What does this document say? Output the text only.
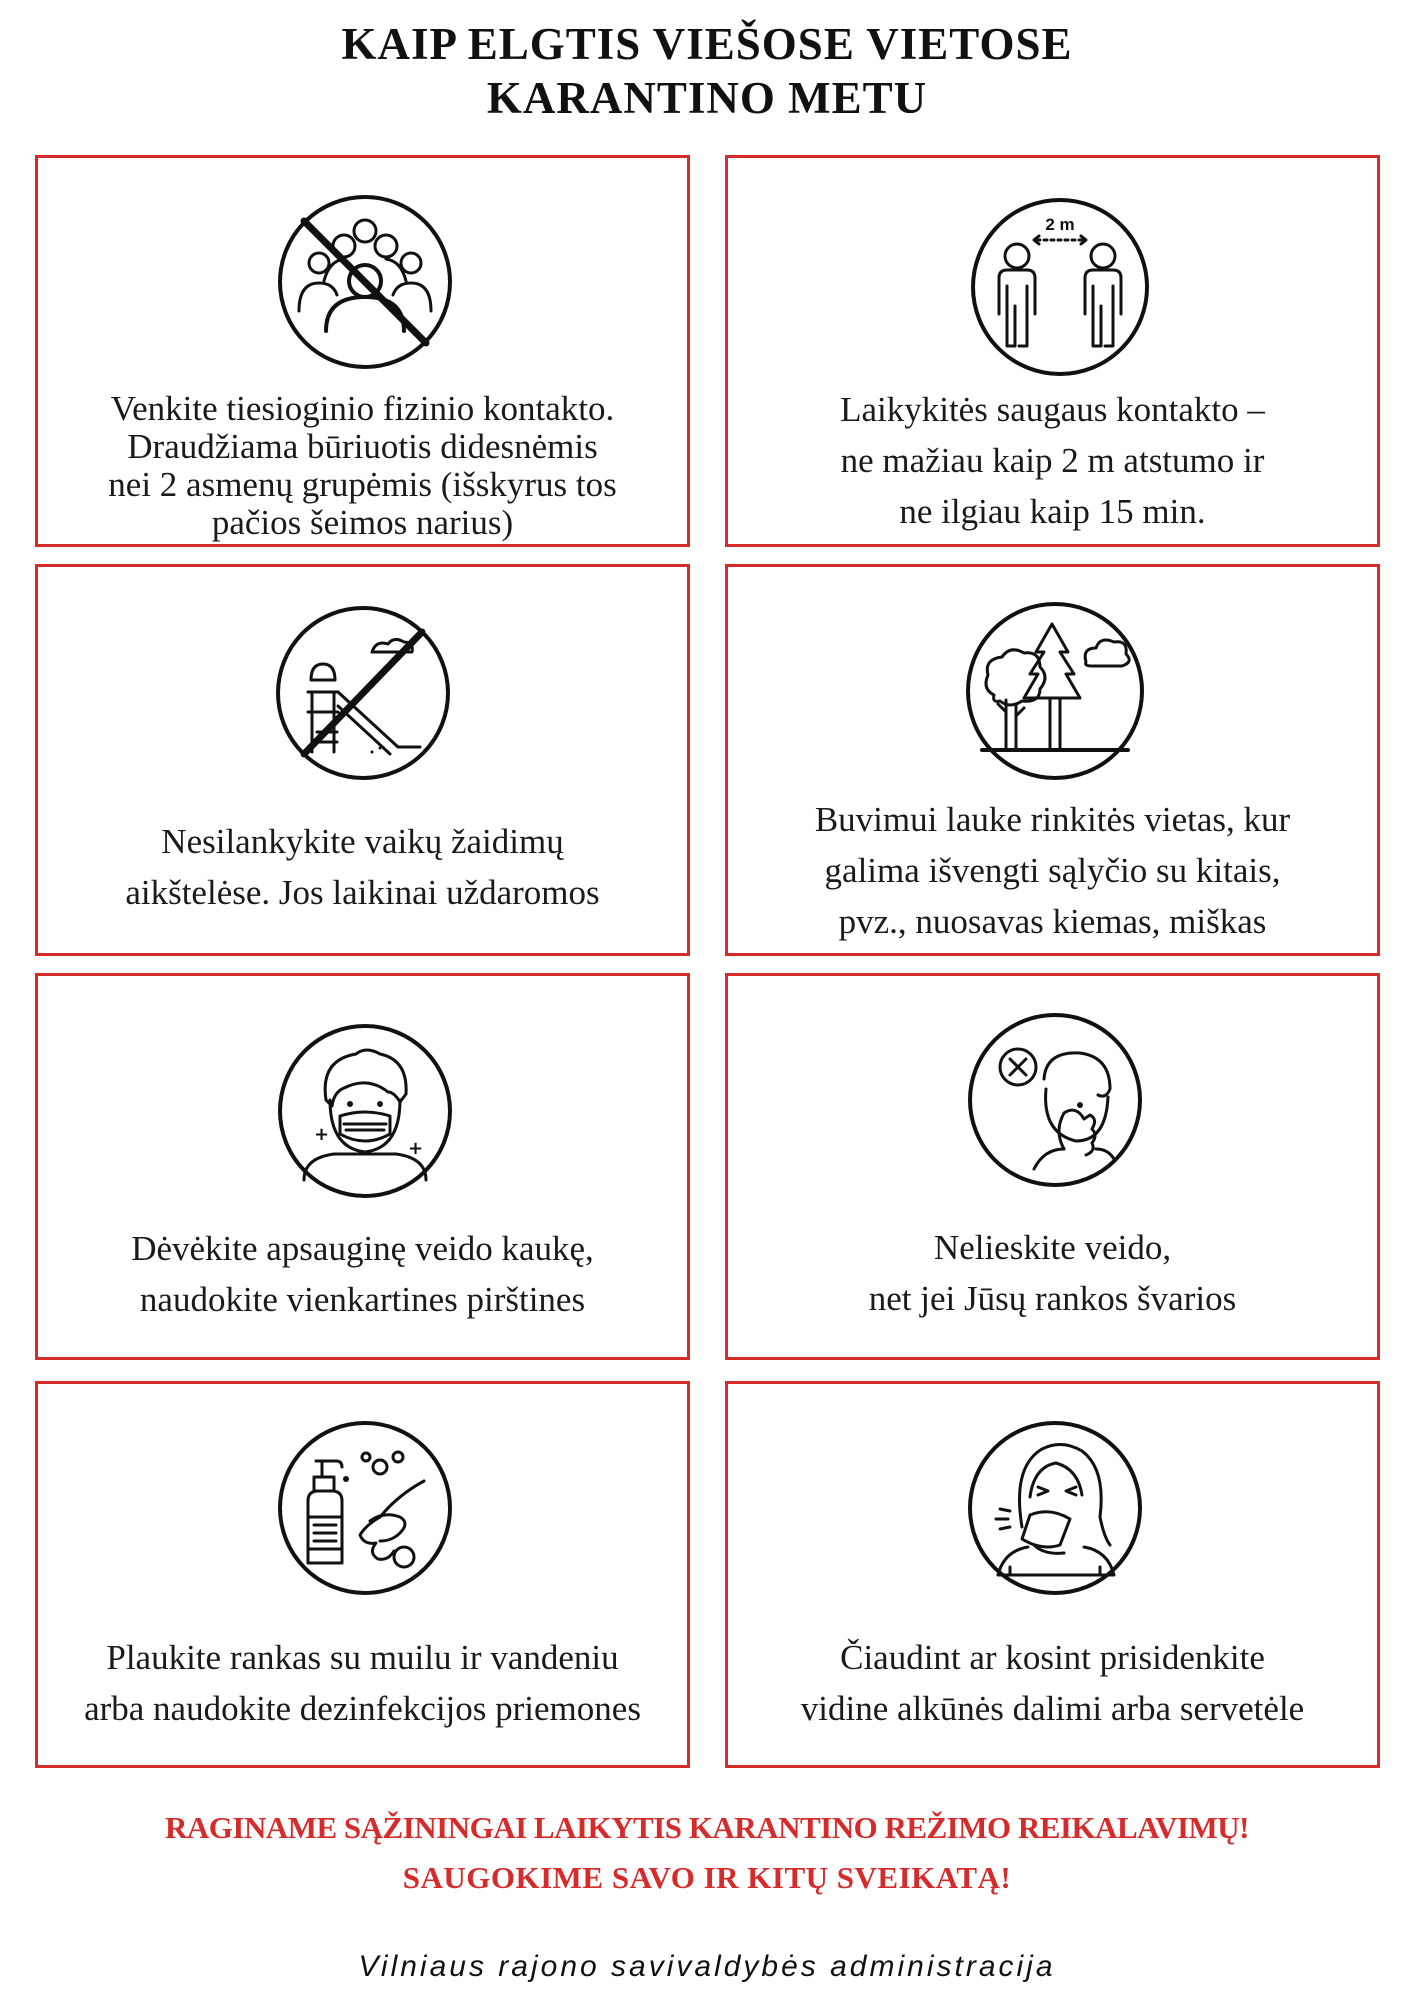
KAIP ELGTIS VIEŠOSE VIETOSE
KARANTINO METU
Venkite tiesioginio fizinio kontakto.
Draudžiama būriuotis didesnėmis
nei 2 asmenų grupėmis (išskyrus tos
pačios šeimos narius)
2 m
Laikykitės saugaus kontakto –
ne mažiau kaip 2 m atstumo ir
ne ilgiau kaip 15 min.
Nesilankykite vaikų žaidimų
aikštelėse. Jos laikinai uždaromos
Buvimui lauke rinkitės vietas, kur
galima išvengti sąlyčio su kitais,
pvz., nuosavas kiemas, miškas
+
+
Dėvėkite apsauginę veido kaukę,
naudokite vienkartines pirštines
Nelieskite veido,
net jei Jūsų rankos švarios
Plaukite rankas su muilu ir vandeniu
arba naudokite dezinfekcijos priemones
Čiaudint ar kosint prisidenkite
vidine alkūnės dalimi arba servetėle
RAGINAME SĄŽININGAI LAIKYTIS KARANTINO REŽIMO REIKALAVIMŲ!
SAUGOKIME SAVO IR KITŲ SVEIKATĄ!
Vilniaus rajono savivaldybės administracija
